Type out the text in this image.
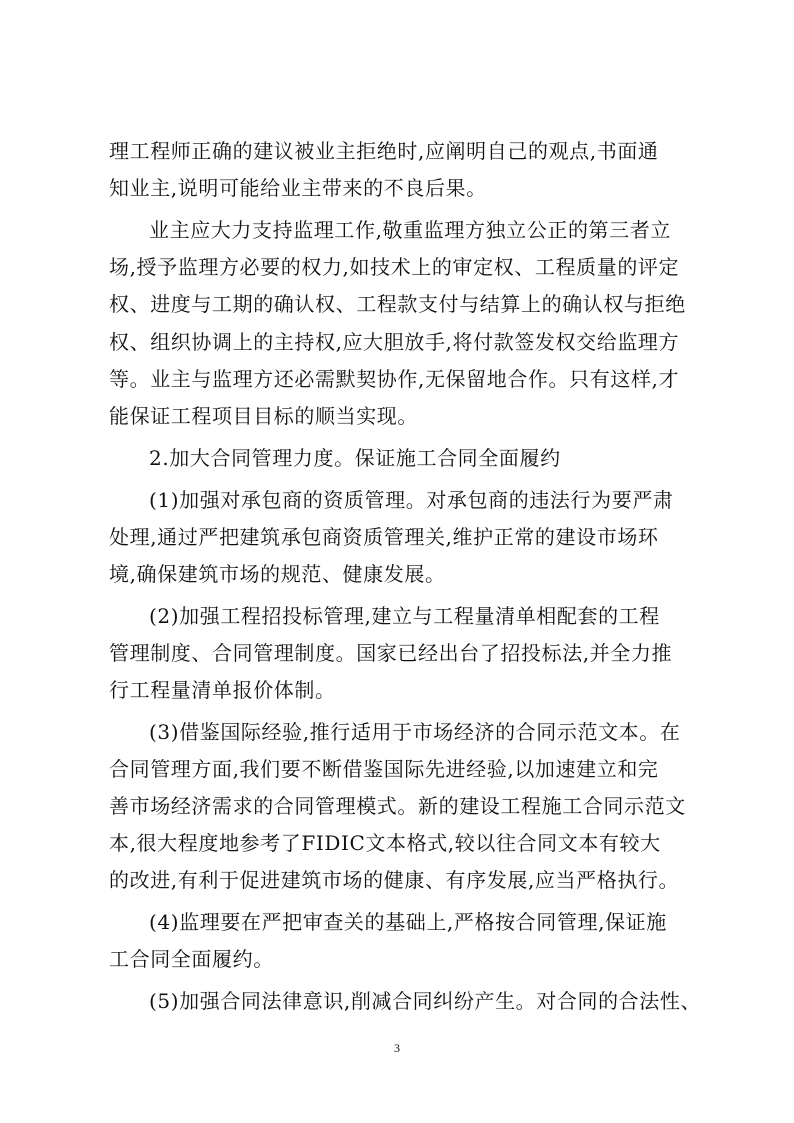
理工程师正确的建议被业主拒绝时,应阐明自己的观点,书面通
知业主,说明可能给业主带来的不良后果。
业主应大力支持监理工作,敬重监理方独立公正的第三者立
场,授予监理方必要的权力,如技术上的审定权、工程质量的评定
权、进度与工期的确认权、工程款支付与结算上的确认权与拒绝
权、组织协调上的主持权,应大胆放手,将付款签发权交给监理方
等。业主与监理方还必需默契协作,无保留地合作。只有这样,才
能保证工程项目目标的顺当实现。
2.加大合同管理力度。保证施工合同全面履约
(1)加强对承包商的资质管理。对承包商的违法行为要严肃
处理,通过严把建筑承包商资质管理关,维护正常的建设市场环
境,确保建筑市场的规范、健康发展。
(2)加强工程招投标管理,建立与工程量清单相配套的工程
管理制度、合同管理制度。国家已经出台了招投标法,并全力推
行工程量清单报价体制。
(3)借鉴国际经验,推行适用于市场经济的合同示范文本。在
合同管理方面,我们要不断借鉴国际先进经验,以加速建立和完
善市场经济需求的合同管理模式。新的建设工程施工合同示范文
本,很大程度地参考了FIDIC文本格式,较以往合同文本有较大
的改进,有利于促进建筑市场的健康、有序发展,应当严格执行。
(4)监理要在严把审查关的基础上,严格按合同管理,保证施
工合同全面履约。
(5)加强合同法律意识,削减合同纠纷产生。对合同的合法性、
3
